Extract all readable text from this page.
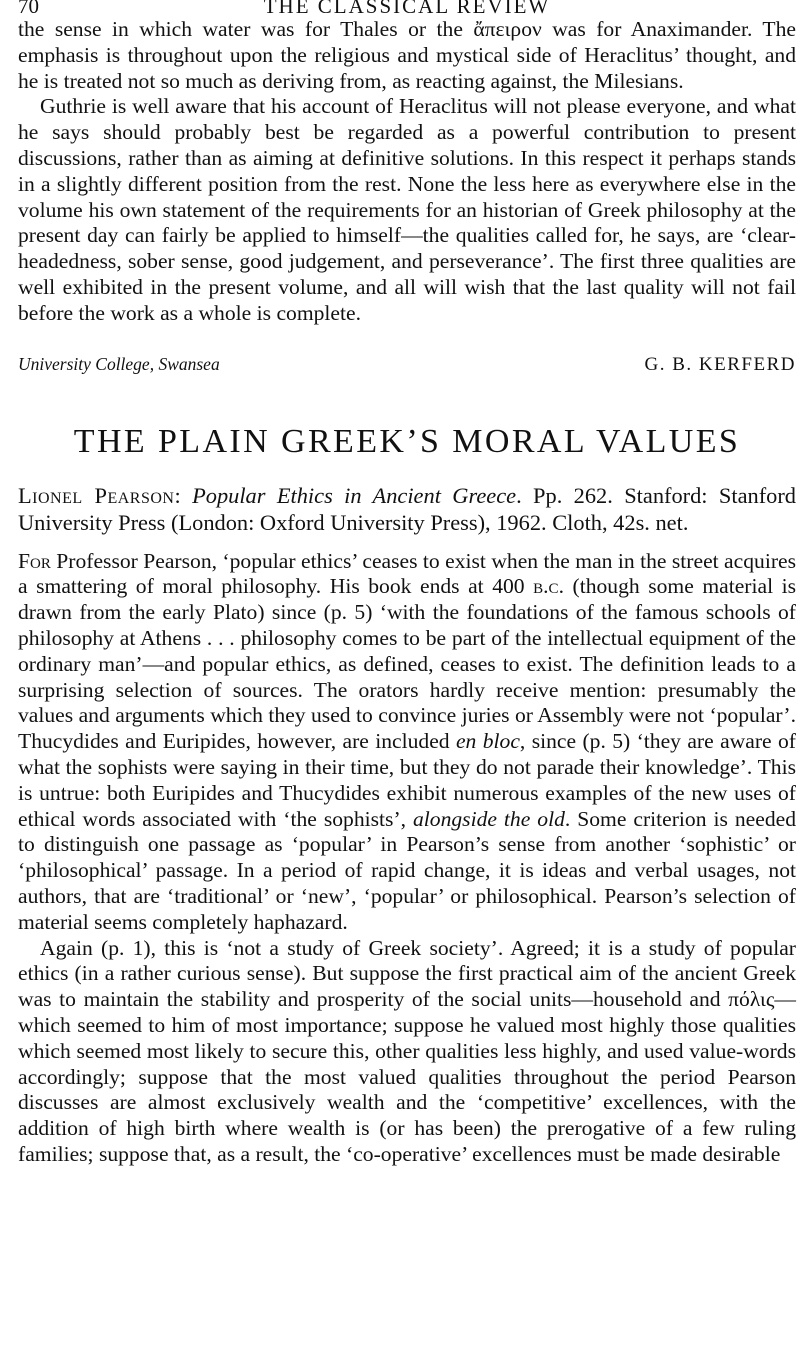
70	THE CLASSICAL REVIEW

the sense in which water was for Thales or the ἄπειρον was for Anaximander. The emphasis is throughout upon the religious and mystical side of Heraclitus’ thought, and he is treated not so much as deriving from, as reacting against, the Milesians.

Guthrie is well aware that his account of Heraclitus will not please everyone, and what he says should probably best be regarded as a powerful contribution to present discussions, rather than as aiming at definitive solutions. In this respect it perhaps stands in a slightly different position from the rest. None the less here as everywhere else in the volume his own statement of the requirements for an historian of Greek philosophy at the present day can fairly be applied to himself—the qualities called for, he says, are ‘clear-headedness, sober sense, good judgement, and perseverance’. The first three qualities are well exhibited in the present volume, and all will wish that the last quality will not fail before the work as a whole is complete.

University College, Swansea	G. B. KERFERD
THE PLAIN GREEK’S MORAL VALUES

Lionel Pearson: Popular Ethics in Ancient Greece. Pp. 262. Stanford: Stanford University Press (London: Oxford University Press), 1962. Cloth, 42s. net.

For Professor Pearson, ‘popular ethics’ ceases to exist when the man in the street acquires a smattering of moral philosophy. His book ends at 400 b.c. (though some material is drawn from the early Plato) since (p. 5) ‘with the foundations of the famous schools of philosophy at Athens . . . philosophy comes to be part of the intellectual equipment of the ordinary man’—and popular ethics, as defined, ceases to exist. The definition leads to a surprising selection of sources. The orators hardly receive mention: presumably the values and arguments which they used to convince juries or Assembly were not ‘popular’. Thucydides and Euripides, however, are included en bloc, since (p. 5) ‘they are aware of what the sophists were saying in their time, but they do not parade their knowledge’. This is untrue: both Euripides and Thucydides exhibit numerous examples of the new uses of ethical words associated with ‘the sophists’, alongside the old. Some criterion is needed to distinguish one passage as ‘popular’ in Pearson’s sense from another ‘sophistic’ or ‘philosophical’ passage. In a period of rapid change, it is ideas and verbal usages, not authors, that are ‘traditional’ or ‘new’, ‘popular’ or philosophical. Pearson’s selection of material seems completely haphazard.

Again (p. 1), this is ‘not a study of Greek society’. Agreed; it is a study of popular ethics (in a rather curious sense). But suppose the first practical aim of the ancient Greek was to maintain the stability and prosperity of the social units—household and πόλις—which seemed to him of most importance; suppose he valued most highly those qualities which seemed most likely to secure this, other qualities less highly, and used value-words accordingly; suppose that the most valued qualities throughout the period Pearson discusses are almost exclusively wealth and the ‘competitive’ excellences, with the addition of high birth where wealth is (or has been) the prerogative of a few ruling families; suppose that, as a result, the ‘co-operative’ excellences must be made desirable
